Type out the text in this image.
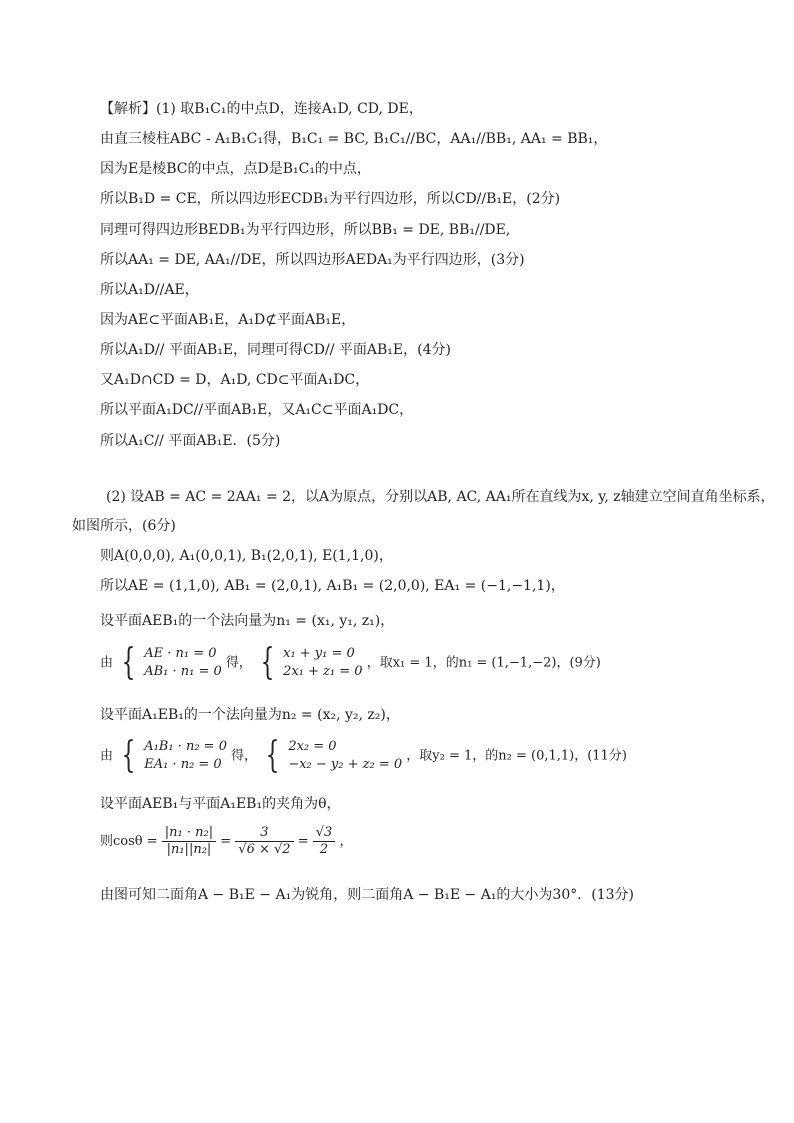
【解析】(1) 取B₁C₁的中点D，连接A₁D, CD, DE，
由直三棱柱ABC - A₁B₁C₁得，B₁C₁ = BC, B₁C₁//BC，AA₁//BB₁, AA₁ = BB₁，
因为E是棱BC的中点，点D是B₁C₁的中点，
所以B₁D = CE，所以四边形ECDB₁为平行四边形，所以CD//B₁E，(2分)
同理可得四边形BEDB₁为平行四边形，所以BB₁ = DE, BB₁//DE,
所以AA₁ = DE, AA₁//DE，所以四边形AEDA₁为平行四边形，(3分)
所以A₁D//AE，
因为AE⊂平面AB₁E，A₁D⊄平面AB₁E，
所以A₁D// 平面AB₁E，同理可得CD// 平面AB₁E，(4分)
又A₁D∩CD = D，A₁D, CD⊂平面A₁DC，
所以平面A₁DC//平面AB₁E，又A₁C⊂平面A₁DC，
所以A₁C// 平面AB₁E．(5分)
(2) 设AB = AC = 2AA₁ = 2，以A为原点，分别以AB, AC, AA₁所在直线为x, y, z轴建立空间直角坐标系，
如图所示，(6分)
则A(0,0,0), A₁(0,0,1), B₁(2,0,1), E(1,1,0)，
所以AE = (1,1,0), AB₁ = (2,0,1), A₁B₁ = (2,0,0), EA₁ = (−1,−1,1)，
设平面AEB₁的一个法向量为n₁ = (x₁, y₁, z₁)，
由 { AE · n₁ = 0
AB₁ · n₁ = 0
得， { x₁ + y₁ = 0
2x₁ + z₁ = 0
，取x₁ = 1，的n₁ = (1,−1,−2)，(9分)
设平面A₁EB₁的一个法向量为n₂ = (x₂, y₂, z₂)，
由 { A₁B₁ · n₂ = 0
EA₁ · n₂ = 0
得， { 2x₂ = 0
−x₂ − y₂ + z₂ = 0
，取y₂ = 1，的n₂ = (0,1,1)，(11分)
设平面AEB₁与平面A₁EB₁的夹角为θ，
则$\cos\theta = \frac{\text{|n₁ · n₂|}}{\text{|n₁||n₂|}} = \frac{3}{√6 \times √2} = \frac{√3}{2}$ ，
由图可知二面角A − B₁E − A₁为锐角，则二面角A − B₁E − A₁的大小为30°．(13分)
